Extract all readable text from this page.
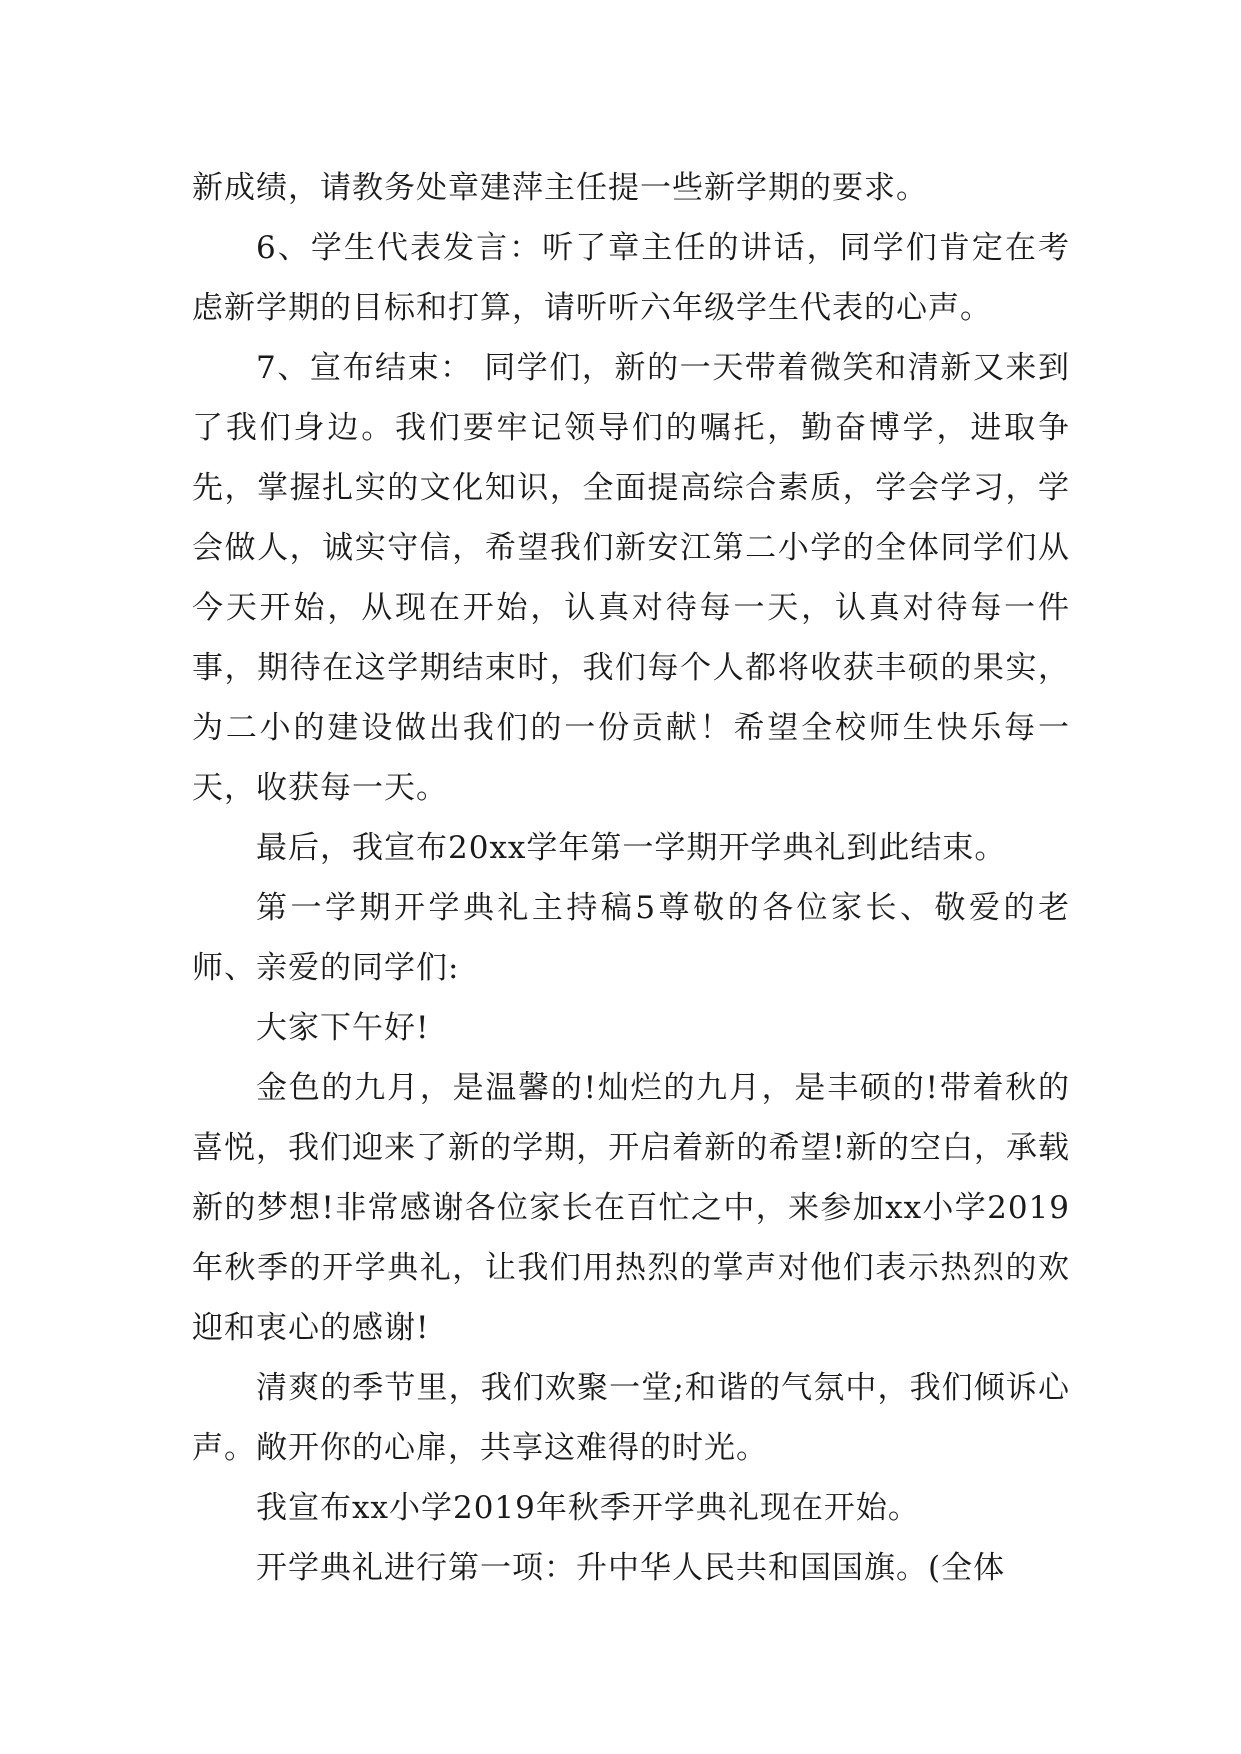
新成绩，请教务处章建萍主任提一些新学期的要求。

6、学生代表发言：听了章主任的讲话，同学们肯定在考虑新学期的目标和打算，请听听六年级学生代表的心声。

7、宣布结束： 同学们，新的一天带着微笑和清新又来到了我们身边。我们要牢记领导们的嘱托，勤奋博学，进取争先，掌握扎实的文化知识，全面提高综合素质，学会学习，学会做人，诚实守信，希望我们新安江第二小学的全体同学们从今天开始，从现在开始，认真对待每一天，认真对待每一件事，期待在这学期结束时，我们每个人都将收获丰硕的果实，为二小的建设做出我们的一份贡献！希望全校师生快乐每一天，收获每一天。

最后，我宣布20xx学年第一学期开学典礼到此结束。

第一学期开学典礼主持稿5尊敬的各位家长、敬爱的老师、亲爱的同学们:

大家下午好!

金色的九月，是温馨的!灿烂的九月，是丰硕的!带着秋的喜悦，我们迎来了新的学期，开启着新的希望!新的空白，承载新的梦想!非常感谢各位家长在百忙之中，来参加xx小学2019年秋季的开学典礼，让我们用热烈的掌声对他们表示热烈的欢迎和衷心的感谢!

清爽的季节里，我们欢聚一堂;和谐的气氛中，我们倾诉心声。敞开你的心扉，共享这难得的时光。

我宣布xx小学2019年秋季开学典礼现在开始。

开学典礼进行第一项：升中华人民共和国国旗。(全体
